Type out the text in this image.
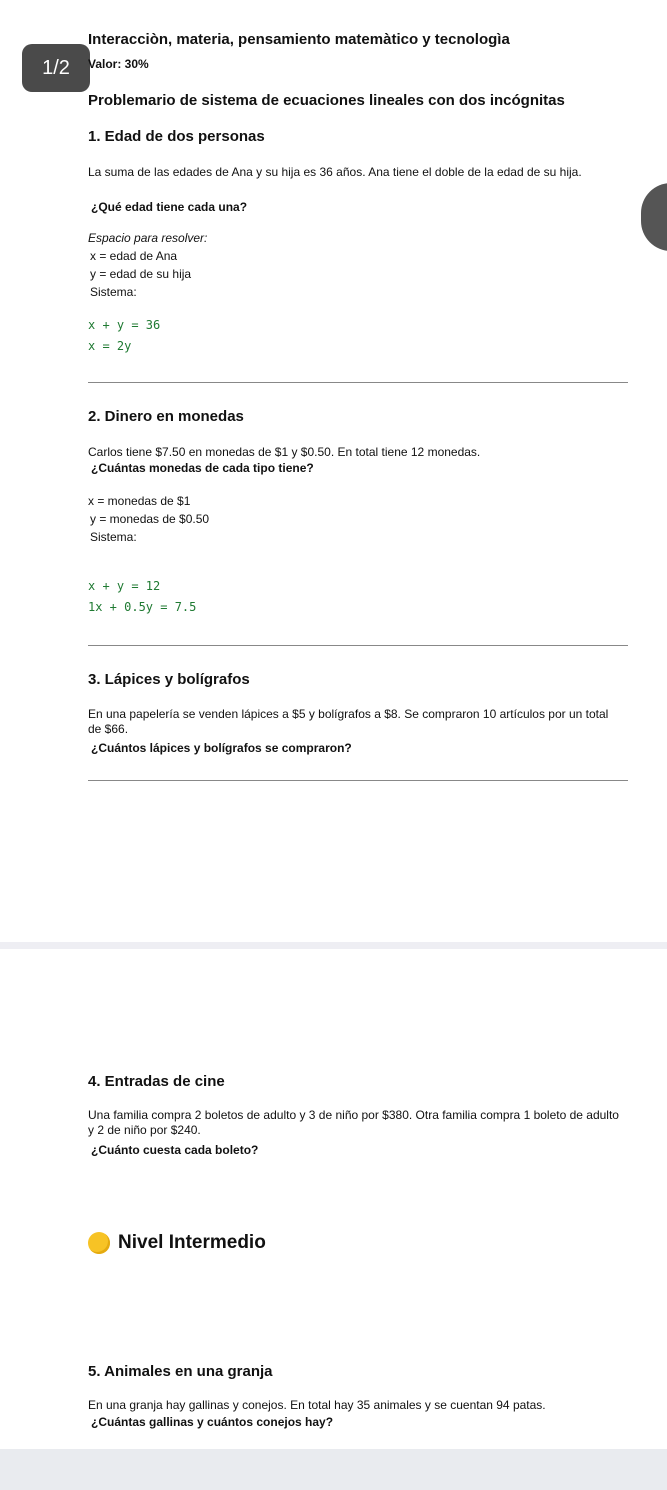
1/2
Interacciòn, materia, pensamiento matemàtico y tecnologìa
Valor: 30%
Problemario de sistema de ecuaciones lineales con dos incógnitas
1. Edad de dos personas
La suma de las edades de Ana y su hija es 36 años. Ana tiene el doble de la edad de su hija.
¿Qué edad tiene cada una?
Espacio para resolver:
x = edad de Ana
y = edad de su hija
Sistema:
x + y = 36
x = 2y
2. Dinero en monedas
Carlos tiene $7.50 en monedas de $1 y $0.50. En total tiene 12 monedas.
¿Cuántas monedas de cada tipo tiene?
x = monedas de $1
y = monedas de $0.50
Sistema:
x + y = 12
1x + 0.5y = 7.5
3. Lápices y bolígrafos
En una papelería se venden lápices a $5 y bolígrafos a $8. Se compraron 10 artículos por un total de $66.
¿Cuántos lápices y bolígrafos se compraron?
4. Entradas de cine
Una familia compra 2 boletos de adulto y 3 de niño por $380. Otra familia compra 1 boleto de adulto y 2 de niño por $240.
¿Cuánto cuesta cada boleto?
Nivel Intermedio
5. Animales en una granja
En una granja hay gallinas y conejos. En total hay 35 animales y se cuentan 94 patas.
¿Cuántas gallinas y cuántos conejos hay?
